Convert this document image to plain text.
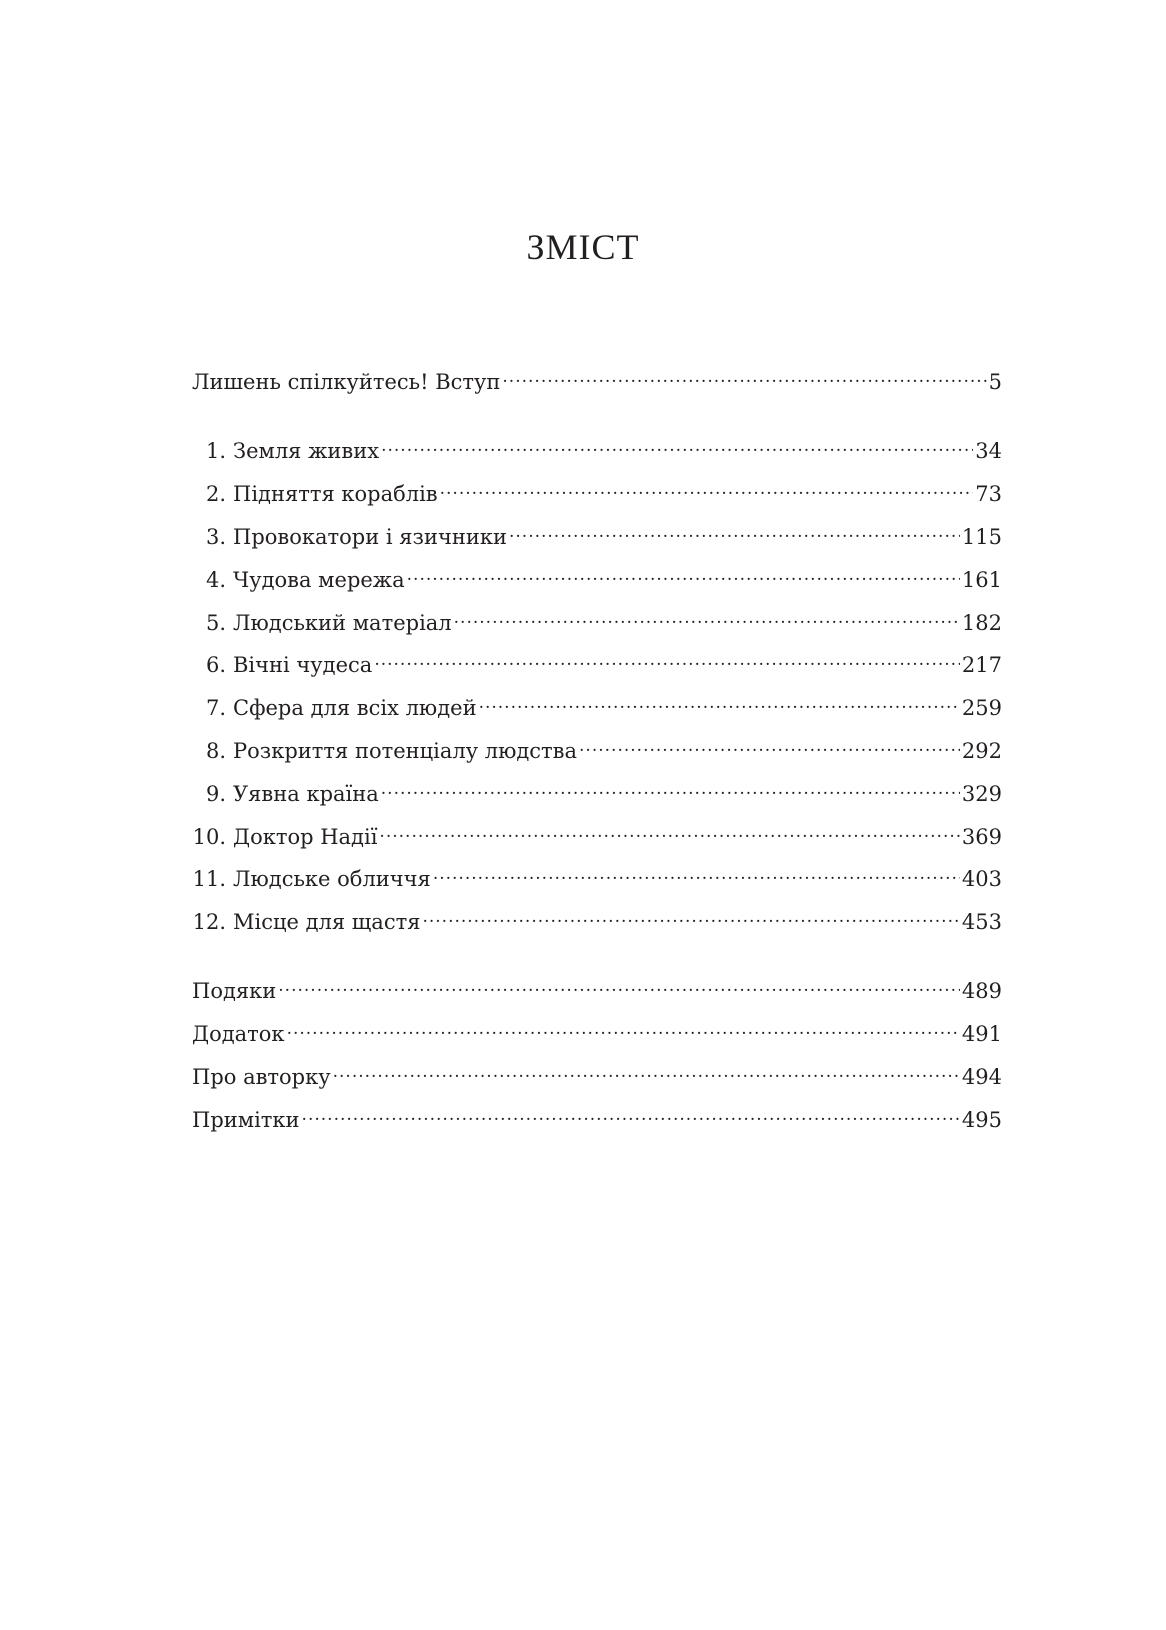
ЗМІСТ
Лишень спілкуйтесь! Вступ .....	5
1. Земля живих .....	34
2. Підняття кораблів .....	73
3. Провокатори і язичники .....	115
4. Чудова мережа .....	161
5. Людський матеріал .....	182
6. Вічні чудеса .....	217
7. Сфера для всіх людей .....	259
8. Розкриття потенціалу людства .....	292
9. Уявна країна .....	329
10. Доктор Надії .....	369
11. Людське обличчя .....	403
12. Місце для щастя .....	453
Подяки .....	489
Додаток .....	491
Про авторку .....	494
Примітки .....	495
